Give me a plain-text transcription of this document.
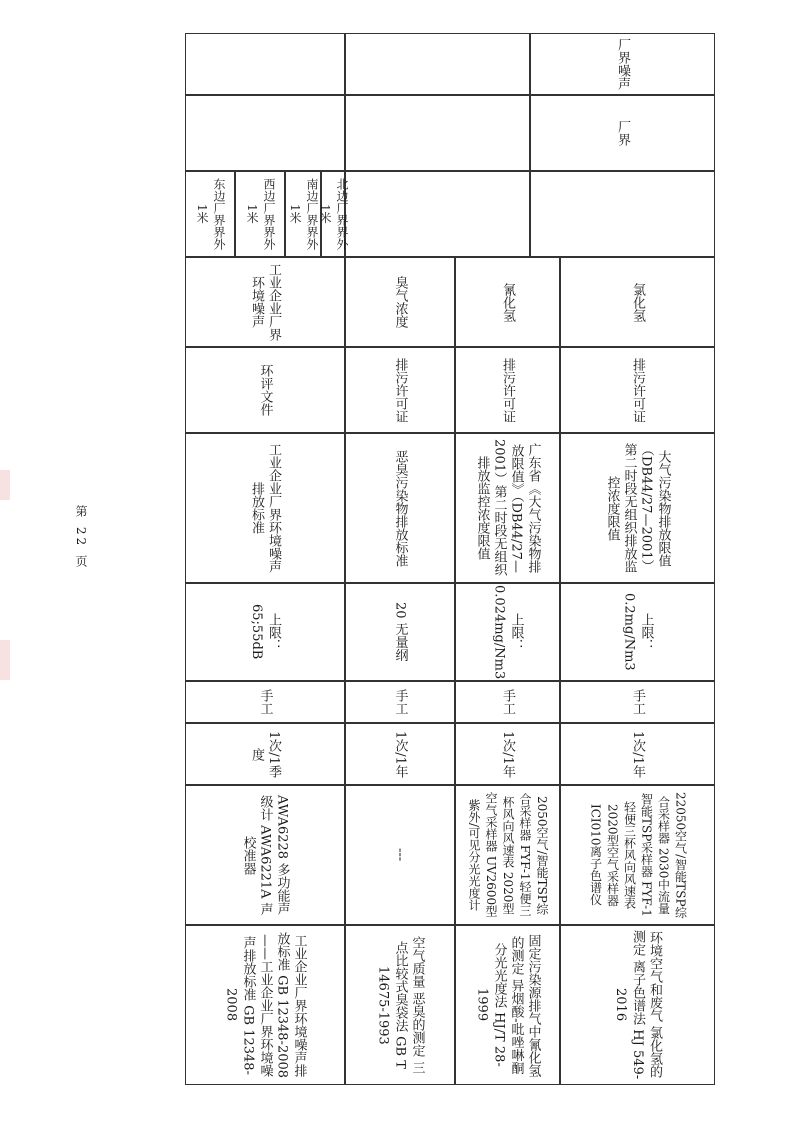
第 22 页
厂界噪声
厂界
北边厂界界外1米
南边厂界界外1米
西边厂界界外1米
东边厂界界外1米
氯化氢
排污许可证
大气污染物排放限值（DB44/27—2001）第二时段无组织排放监控浓度限值
上限：0.2mg/Nm3
手工
1次/1年
22050空气/智能TSP综合采样器 2030中流量智能TSP采样器 FYF-1轻便三杯风向风速表 2020型空气采样器 ICI010离子色谱仪
环境空气和废气 氯化氢的测定 离子色谱法 HJ 549-2016
氰化氢
排污许可证
广东省《大气污染物排放限值》（DB44/27—2001）第二时段无组织排放监控浓度限值
上限：0.024mg/Nm3
手工
1次/1年
2050空气/智能TSP综合采样器 FYF-1轻便三杯风向风速表 2020型空气采样器 UV2600型紫外/可见分光光度计
固定污染源排气中氰化氢的测定 异烟酸-吡唑啉酮分光光度法 HJ/T 28-1999
臭气浓度
排污许可证
恶臭污染物排放标准
20 无量纲
手工
1次/1年
---
空气质量 恶臭的测定 三点比较式臭袋法 GB T 14675-1993
工业企业厂界环境噪声
环评文件
工业企业厂界环境噪声排放标准
上限：65;55dB
手工
1次/1季度
AWA6228 多功能声级计 AWA6221A 声校准器
工业企业厂界环境噪声排放标准 GB 12348-2008——工业企业厂界环境噪声排放标准 GB 12348-2008
